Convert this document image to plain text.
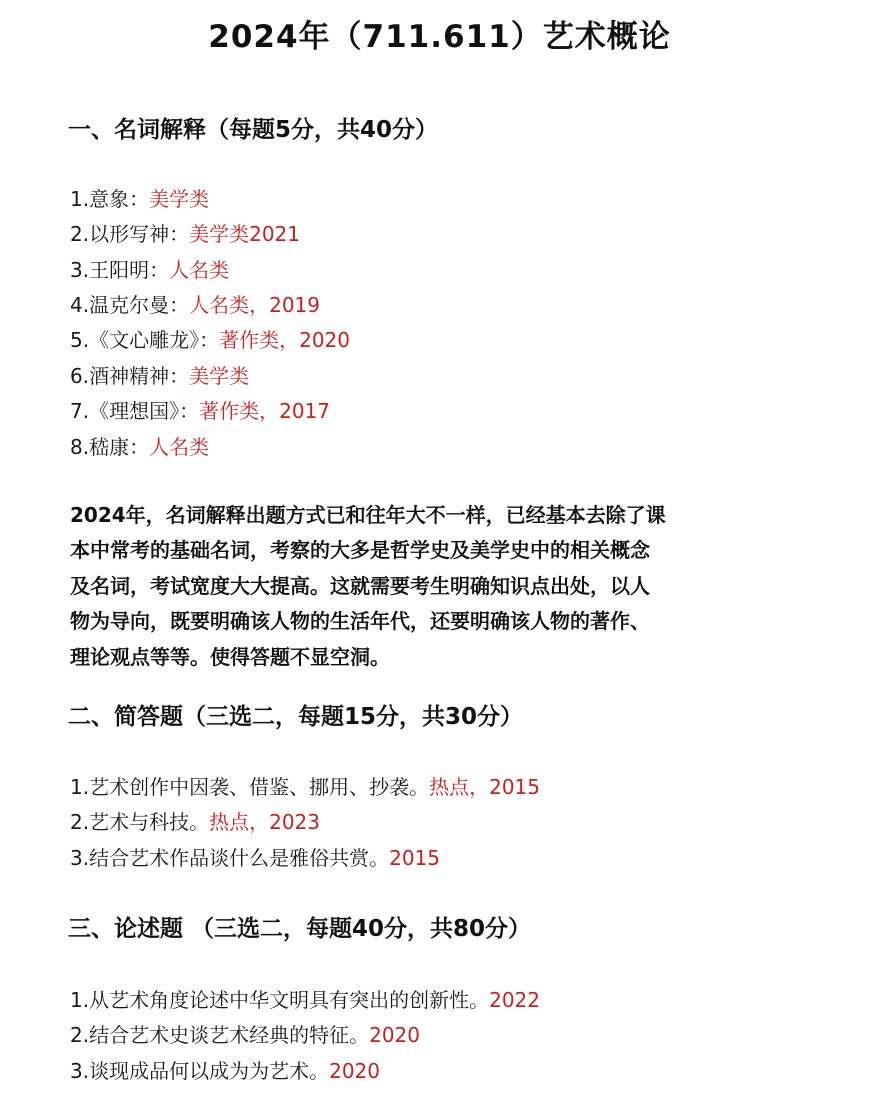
2024年（711.611）艺术概论
一、名词解释（每题5分，共40分）
1.意象：美学类
2.以形写神：美学类2021
3.王阳明：人名类
4.温克尔曼：人名类，2019
5.《文心雕龙》：著作类，2020
6.酒神精神：美学类
7.《理想国》：著作类，2017
8.嵇康：人名类
2024年，名词解释出题方式已和往年大不一样，已经基本去除了课
本中常考的基础名词，考察的大多是哲学史及美学史中的相关概念
及名词，考试宽度大大提高。这就需要考生明确知识点出处，以人
物为导向，既要明确该人物的生活年代，还要明确该人物的著作、
理论观点等等。使得答题不显空洞。
二、简答题（三选二，每题15分，共30分）
1.艺术创作中因袭、借鉴、挪用、抄袭。热点，2015
2.艺术与科技。热点，2023
3.结合艺术作品谈什么是雅俗共赏。2015
三、论述题 （三选二，每题40分，共80分）
1.从艺术角度论述中华文明具有突出的创新性。2022
2.结合艺术史谈艺术经典的特征。2020
3.谈现成品何以成为为艺术。2020
